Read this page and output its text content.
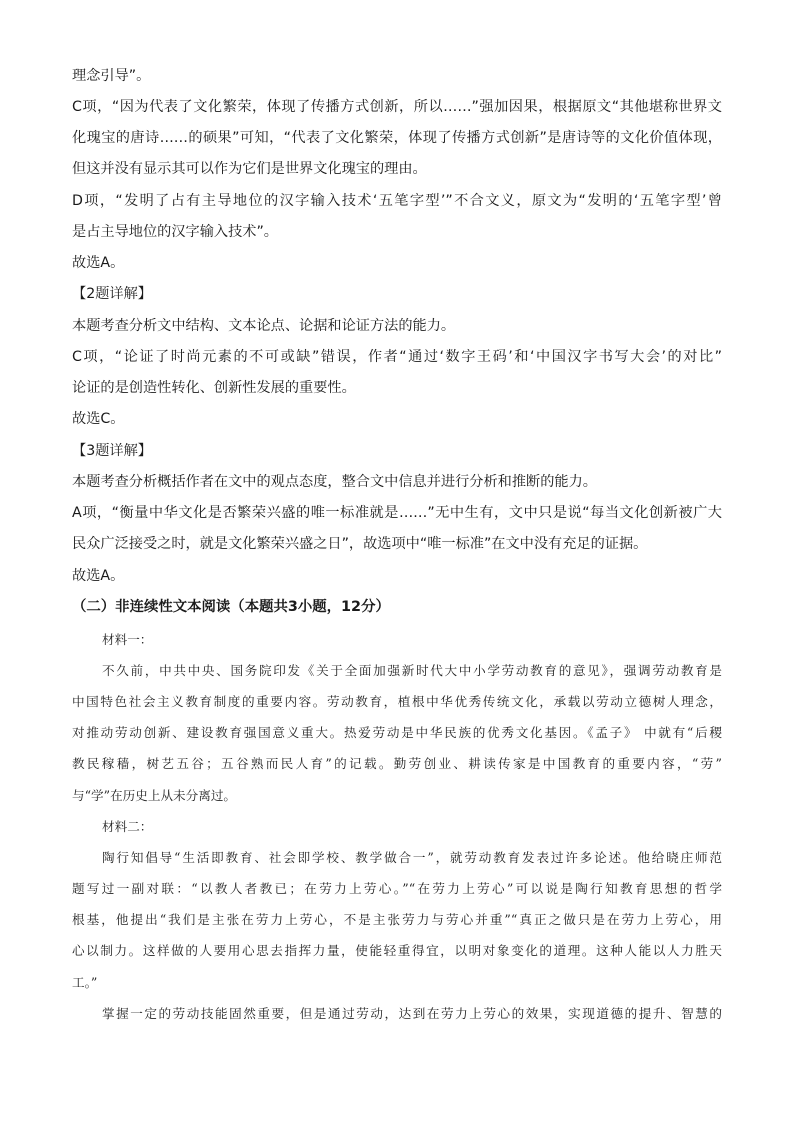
理念引导”。
C项，“因为代表了文化繁荣，体现了传播方式创新，所以……”强加因果，根据原文“其他堪称世界文
化瑰宝的唐诗……的硕果”可知，“代表了文化繁荣，体现了传播方式创新”是唐诗等的文化价值体现，
但这并没有显示其可以作为它们是世界文化瑰宝的理由。
D项，“发明了占有主导地位的汉字输入技术‘五笔字型’”不合文义，原文为“发明的‘五笔字型’曾
是占主导地位的汉字输入技术”。
故选A。
【2题详解】
本题考查分析文中结构、文本论点、论据和论证方法的能力。
C项，“论证了时尚元素的不可或缺”错误，作者“通过‘数字王码’和‘中国汉字书写大会’的对比”
论证的是创造性转化、创新性发展的重要性。
故选C。
【3题详解】
本题考查分析概括作者在文中的观点态度，整合文中信息并进行分析和推断的能力。
A项，“衡量中华文化是否繁荣兴盛的唯一标准就是……”无中生有，文中只是说“每当文化创新被广大
民众广泛接受之时，就是文化繁荣兴盛之日”，故选项中“唯一标准”在文中没有充足的证据。
故选A。
（二）非连续性文本阅读（本题共3小题，12分）
材料一：
不久前，中共中央、国务院印发《关于全面加强新时代大中小学劳动教育的意见》，强调劳动教育是
中国特色社会主义教育制度的重要内容。劳动教育，植根中华优秀传统文化，承载以劳动立德树人理念，
对推动劳动创新、建设教育强国意义重大。热爱劳动是中华民族的优秀文化基因。《孟子》 中就有“后稷
教民稼穑，树艺五谷；五谷熟而民人育”的记载。勤劳创业、耕读传家是中国教育的重要内容，“劳”
与“学”在历史上从未分离过。
材料二：
陶行知倡导“生活即教育、社会即学校、教学做合一”，就劳动教育发表过许多论述。他给晓庄师范
题写过一副对联：“以教人者教已；在劳力上劳心。”“在劳力上劳心”可以说是陶行知教育思想的哲学
根基，他提出“我们是主张在劳力上劳心，不是主张劳力与劳心并重”“真正之做只是在劳力上劳心，用
心以制力。这样做的人要用心思去指挥力量，使能轻重得宜，以明对象变化的道理。这种人能以人力胜天
工。”
掌握一定的劳动技能固然重要，但是通过劳动，达到在劳力上劳心的效果，实现道德的提升、智慧的
